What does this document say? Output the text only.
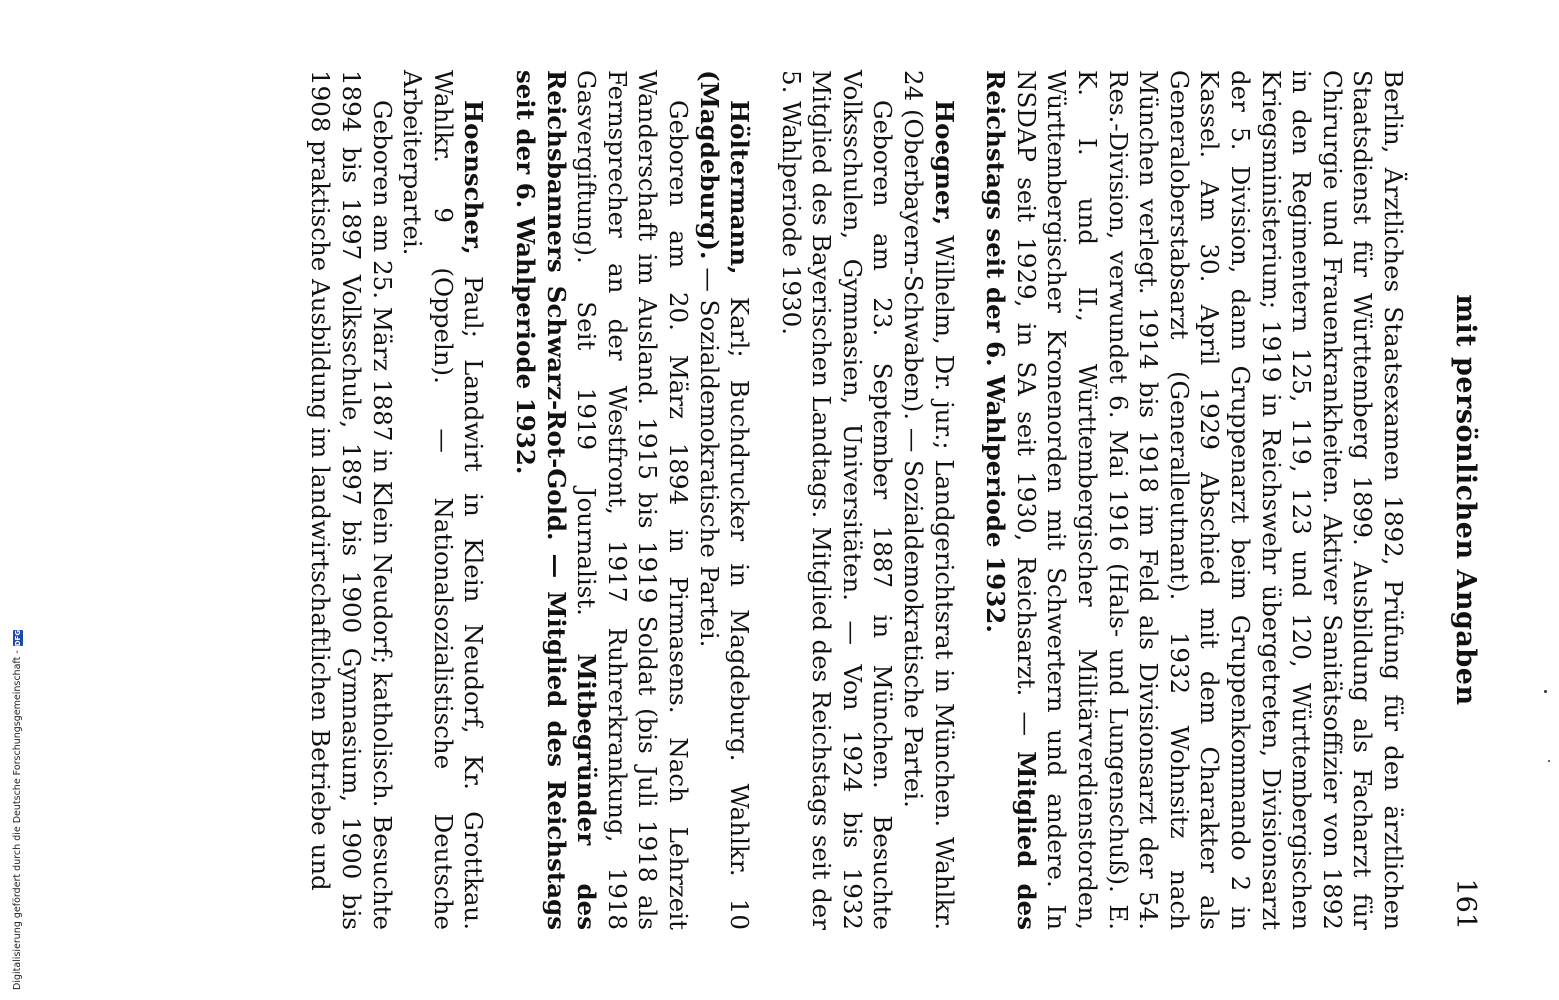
mit persönlichen Angaben
161

Berlin, Ärztliches Staatsexamen 1892, Prüfung für den ärztlichen Staatsdienst für Württemberg 1899. Ausbildung als Facharzt für Chirurgie und Frauenkrankheiten. Aktiver Sanitätsoffizier von 1892 in den Regimentern 125, 119, 123 und 120, Württembergischen Kriegsministerium; 1919 in Reichswehr übergetreten, Divisionsarzt der 5. Division, dann Gruppenarzt beim Gruppenkommando 2 in Kassel. Am 30. April 1929 Abschied mit dem Charakter als Generaloberstabsarzt (Generalleutnant). 1932 Wohnsitz nach München verlegt. 1914 bis 1918 im Feld als Divisionsarzt der 54. Res.-Division, verwundet 6. Mai 1916 (Hals- und Lungenschuß). E. K. I. und II., Württembergischer Militärverdienstorden, Württembergischer Kronenorden mit Schwertern und andere. In NSDAP seit 1929, in SA seit 1930, Reichsarzt. — Mitglied des Reichstags seit der 6. Wahlperiode 1932.

Hoegner, Wilhelm, Dr. jur.; Landgerichtsrat in München. Wahlkr. 24 (Oberbayern-Schwaben). — Sozialdemokratische Partei.

Geboren am 23. September 1887 in München. Besuchte Volksschulen, Gymnasien, Universitäten. — Von 1924 bis 1932 Mitglied des Bayerischen Landtags. Mitglied des Reichstags seit der 5. Wahlperiode 1930.

Höltermann, Karl; Buchdrucker in Magdeburg. Wahlkr. 10 (Magdeburg). — Sozialdemokratische Partei.

Geboren am 20. März 1894 in Pirmasens. Nach Lehrzeit Wanderschaft im Ausland. 1915 bis 1919 Soldat (bis Juli 1918 als Fernsprecher an der Westfront, 1917 Ruhrerkrankung, 1918 Gasvergiftung). Seit 1919 Journalist. Mitbegründer des Reichsbanners Schwarz-Rot-Gold. — Mitglied des Reichstags seit der 6. Wahlperiode 1932.

Hoenscher, Paul; Landwirt in Klein Neudorf, Kr. Grottkau. Wahlkr. 9 (Oppeln). — Nationalsozialistische Deutsche Arbeiterpartei.

Geboren am 25. März 1887 in Klein Neudorf; katholisch. Besuchte 1894 bis 1897 Volksschule, 1897 bis 1900 Gymnasium, 1900 bis 1908 praktische Ausbildung im landwirtschaftlichen Betriebe und

Digitalisierung gefördert durch die Deutsche Forschungsgemeinschaft -
DFG
